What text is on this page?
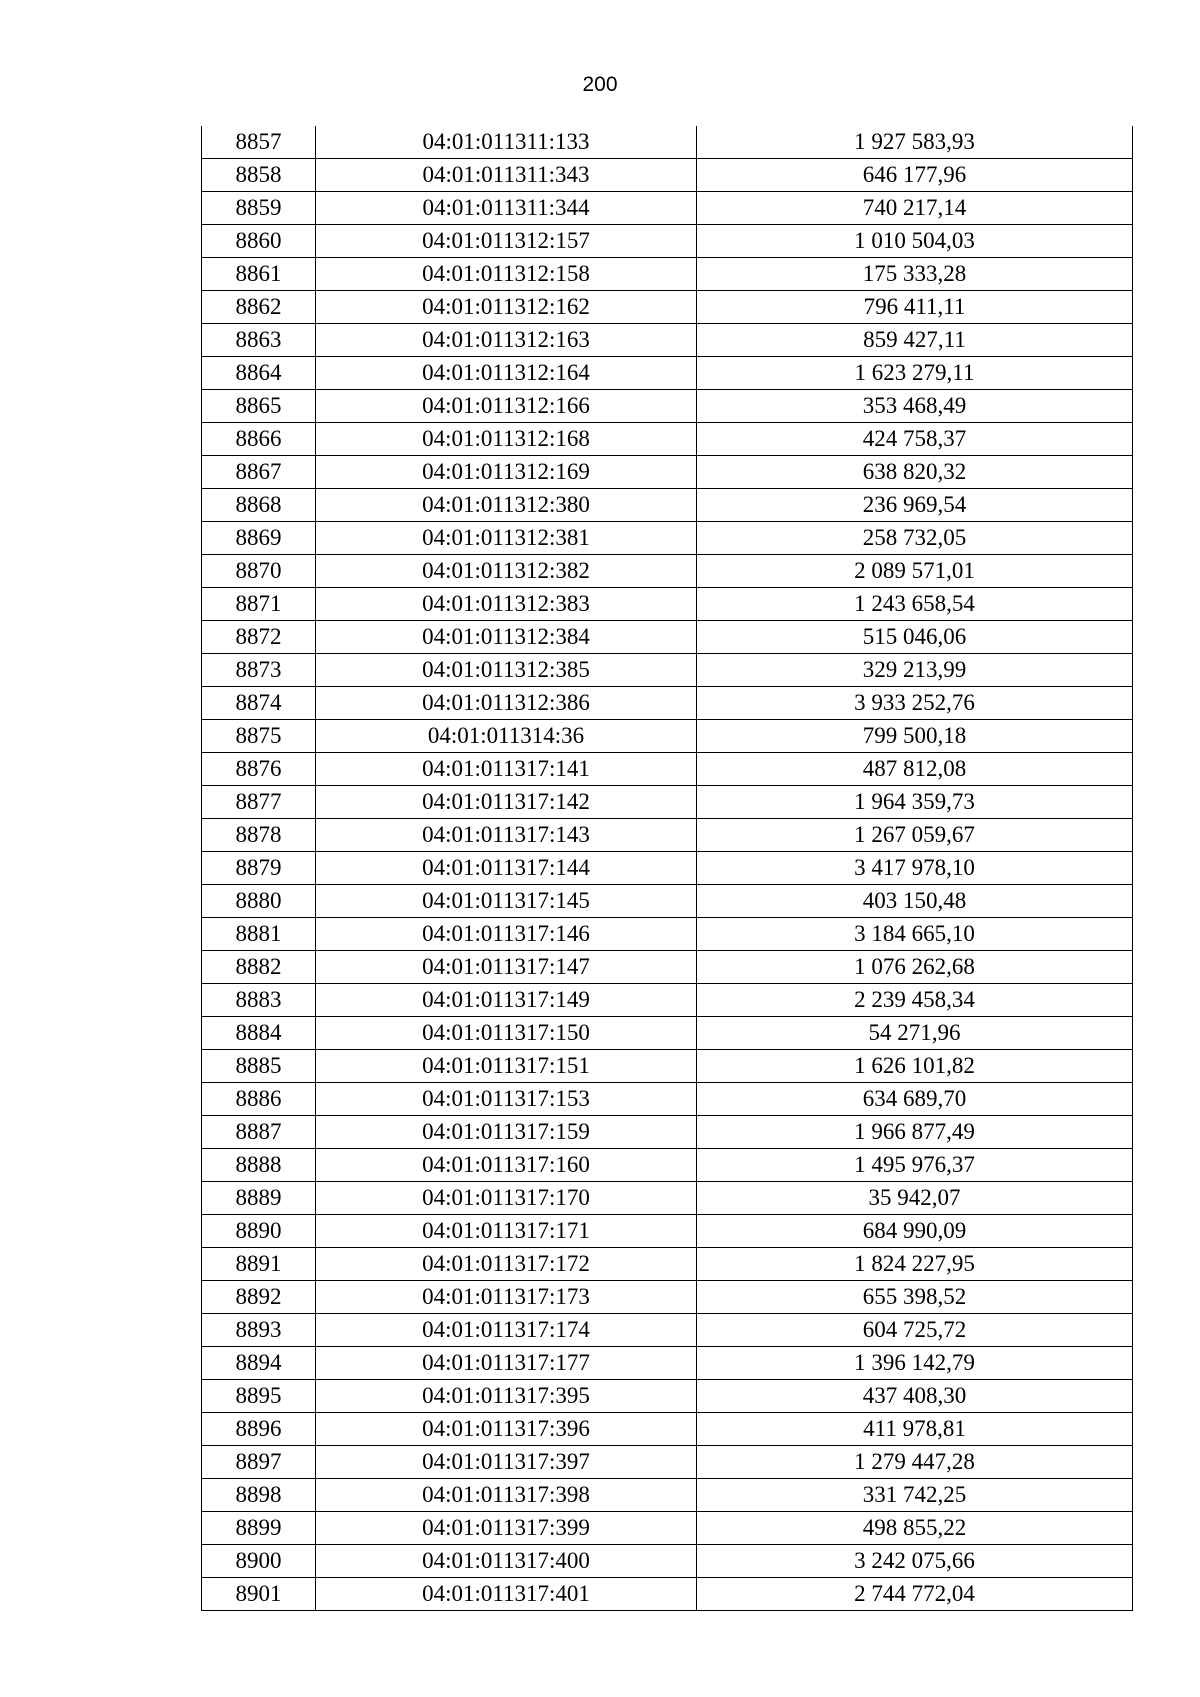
200
8857	04:01:011311:133	1 927 583,93
8858	04:01:011311:343	646 177,96
8859	04:01:011311:344	740 217,14
8860	04:01:011312:157	1 010 504,03
8861	04:01:011312:158	175 333,28
8862	04:01:011312:162	796 411,11
8863	04:01:011312:163	859 427,11
8864	04:01:011312:164	1 623 279,11
8865	04:01:011312:166	353 468,49
8866	04:01:011312:168	424 758,37
8867	04:01:011312:169	638 820,32
8868	04:01:011312:380	236 969,54
8869	04:01:011312:381	258 732,05
8870	04:01:011312:382	2 089 571,01
8871	04:01:011312:383	1 243 658,54
8872	04:01:011312:384	515 046,06
8873	04:01:011312:385	329 213,99
8874	04:01:011312:386	3 933 252,76
8875	04:01:011314:36	799 500,18
8876	04:01:011317:141	487 812,08
8877	04:01:011317:142	1 964 359,73
8878	04:01:011317:143	1 267 059,67
8879	04:01:011317:144	3 417 978,10
8880	04:01:011317:145	403 150,48
8881	04:01:011317:146	3 184 665,10
8882	04:01:011317:147	1 076 262,68
8883	04:01:011317:149	2 239 458,34
8884	04:01:011317:150	54 271,96
8885	04:01:011317:151	1 626 101,82
8886	04:01:011317:153	634 689,70
8887	04:01:011317:159	1 966 877,49
8888	04:01:011317:160	1 495 976,37
8889	04:01:011317:170	35 942,07
8890	04:01:011317:171	684 990,09
8891	04:01:011317:172	1 824 227,95
8892	04:01:011317:173	655 398,52
8893	04:01:011317:174	604 725,72
8894	04:01:011317:177	1 396 142,79
8895	04:01:011317:395	437 408,30
8896	04:01:011317:396	411 978,81
8897	04:01:011317:397	1 279 447,28
8898	04:01:011317:398	331 742,25
8899	04:01:011317:399	498 855,22
8900	04:01:011317:400	3 242 075,66
8901	04:01:011317:401	2 744 772,04
